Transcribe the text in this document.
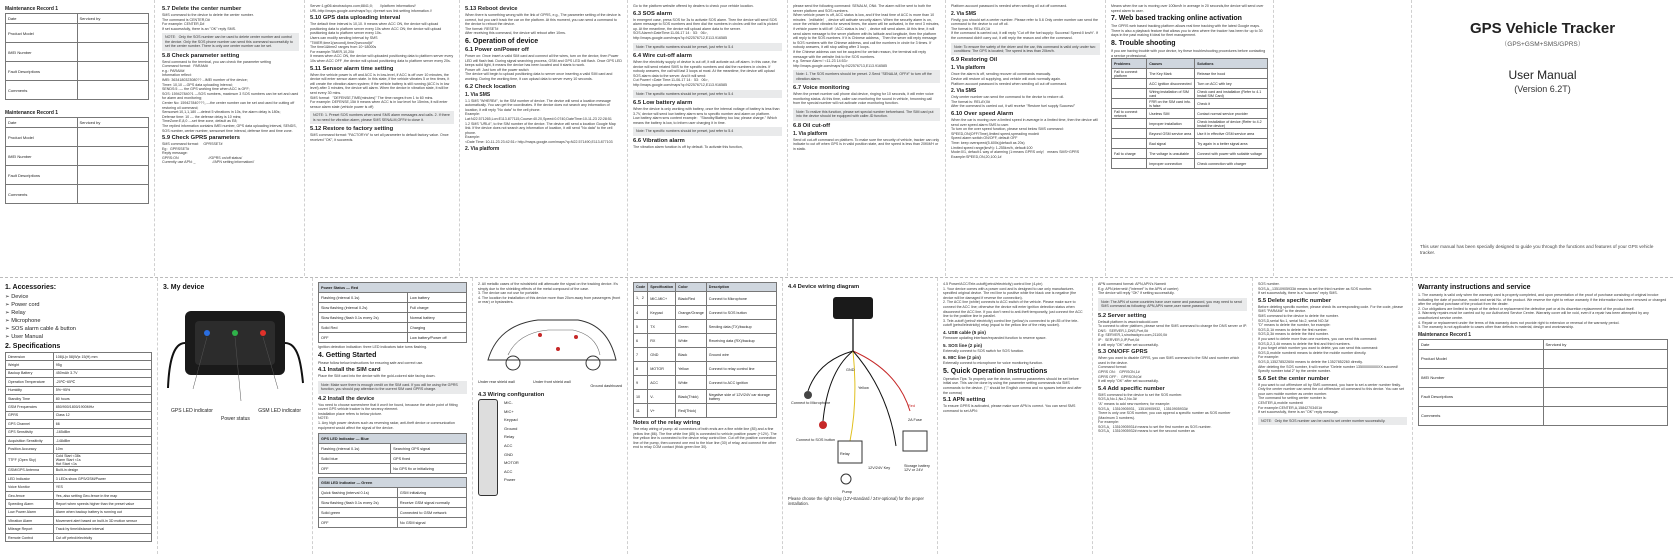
Maintenance Record 1
Date	Serviced by
Product Model	
IMEI Number	
Fault Descriptions	
Comments	
Maintenance Record 1
Date	Serviced by
Product Model	
IMEI Number	
Fault Descriptions	
Comments	
5.7 Delete the center number
SMS command to the device to delete the center number.
The command is CENTER,D#
For example: CENTER,D#
If set successfully, there is an "OK" reply SMS.
NOTE：Only the SOS number can be used to delete center number and control the device. Only the SOS phone number can send this command successfully to set the center number. There is only one center number can be set.
5.8 Check parameter setting
Send command to the terminal, you can check the parameter setting
Command format：PARAM#
e.g.: PARAM#
Information reflect：
IMEI: 3634180323080?? --IMEI number of the device;
Timer: 10,10 ---GPS data uploading Interval;
SENDS:5 ---- the GPS working time when ACC is OFF;
SOS: 159427840?1 ---SOS numbers, maximum 3 SOS numbers can be set and used for alarm and monitoring;
Center No: 159427840???,,---the center number can be set and used for cutting off restoring oil command;
Sensorset:10,1,1,180 ---detect 5 vibrations in 10s, the alarm delay is 180s;
Defense time: 10 --- the defense delay is 10 mins;
TimeZone:E,8,0 ---set time zone, default as E8;
The replied information contains IMEI number, GPS data uploading interval, SENDS, SOS number, center number, sensorset time interval, defense time and time zone.
5.9 Check GPRS parameters
SMS command format：  GPRSSET#
Eg：GPRSSET#
Reply message：
GPRS:ON                              //GPRS on/off status/
Currently use APN: _                 //APN setting information//
Server:1;gt06.sinotrackpro.com;8841;0;       //platform information//
URL:http://maps.google.com/maps?q=; //preset sos link setting information //
5.10 GPS data uploading interval
The default time interval is 10,10. It means when ACC ON, the device will upload positioning data to platform server every 10s when ACC ON; the device will upload positioning data to platform server every 10s.
Users can modify sending interval by SMS
"TIMER,time1(second),time2(second)#"
The time1&time2 ranges from 10~18000s
For example:TIMER,10,20#
It means when ACC ON, the device will uploaded positioning data to platform server every 10s when ACC OFF ,the device will upload positioning data to platform server every 20s.
5.11 Sensor alarm time setting
When the vehicle power is off and ACC is in low-level, if ACC is off over 10 minutes, the device will enter sensor alarm state. In this state, if the vehicle vibrates 5 or few times, it will create the vibration alarm system; if the vehicle battery is still running (ACC is in low level) after 3 minutes, the device will alarm. When the device in vibration state, it will be sent every 30 mins.
SMS format："DEFENSE,TIME(minutes)" The time ranges from 1 to 60 mins.
For example: DEFENSE,15# It means when ACC is in low level for 15mins, it will enter sensor alarm state (vehicle power is off)
NOTE: 1. Preset SOS numbers when send SMS alarm messages and calls. 2. If there is no need for vibration alarm, please SMS SENALM,OFF# to close it.
5.12 Restore to factory setting
SMS command format: "FACTORY#" to set all parameter to default factory value. Once received "OK", it succeeds.
5.13 Reboot device
When there is something wrong with the link of GPRS, e.g., The parameter setting of the device is correct, but you can't track the car on the platform. At this moment, you can send a command to the device to reboot the device.
The format: RESET#
After receiving this command, the device will reboot after 10ms.
6. Operation of device
6.1 Power on/Power off
Power on: Once insert a valid SIM card and connect all the wires, turn on the device, then Power LED will flash fast. During signal searching process, GSM and GPS LED will flash. Once GPS LED keeps solid light, it means the device has been located and it starts to work.
Power off: Just turn off the power switch
The device will begin to upload positioning data to server once inserting a valid SIM card and working. During the working time, it can upload data to server every 10 seconds.
6.2 Check location
1. Via SMS
1.1 SMS "WHERE#", to the SIM number of device. The device will send a location message automatically. You can get the coordinates. If the device does not search any information of location, it will reply "No data" to the cell phone.
Example:
Lat:N22.571265,Lon:E113.877115,Course:40.20,Speed:0.0740,DateTime:10-11-23 22:28:51
1.2 SMS "URL#", to the SIM number of the device. The device will send a location Google Map link. If the device does not search any information of location, it will send "No data" to the cell phone.
Example:
<Date Time: 10-11-23 23:42:51> http://maps.google.com/maps?q=N22.571490,E113.877103
2. Via platform
Go to the platform website offered by dealers to check your vehicle location.
6.3 SOS alarm
In emergent case, press SOS for 3s to activate SOS alarm. Then the device will send SOS alarm message to SOS numbers and then dial the numbers in circles until the call is picked up. At the meantime, the device will upload alarm data to the server.
SOS Alarm!<DateTime:11-06-17 14：53：06>,
http://maps.google.com/maps?q=N22576712,E113.916585
Note: The specific numbers should be preset, just refer to 5.4
6.4 Wire cut-off alarm
When the electricity supply of device is cut off, it will activate cut-off alarm. In this case, the device will send related SMS to the specific numbers and dial the numbers in circles. If nobody answers, the call will last 3 loops at most. At the meantime, the device will upload SOS alarm data to the server. And it will send:
Cut Power! <Date Time:11-06-17 14：53：06>,
http://maps.google.com/maps?q=N22576712,E113.916585
Note: The specific numbers should be preset, just refer to 5.4
6.5 Low battery alarm
When the device is only working with battery, once the internal voltage of battery is less than 3.7V, device will send low battery alarm sms to specific number and alarm on platform.
Low battery alarm sms content example："Standby!Battery too low, please charge." Which means the battery is low, to inform user charging it in time.
Note: The specific numbers should be preset, just refer to 5.4
6.6 Vibration alarm
The vibration alarm function is off by default. To activate this function,
please send the following command: SENALM, ON#. The alarm will be sent to both the server platform and SOS numbers.
When vehicle power is off, ACC status is low, and if the lead time of ACC is more than 10 minutes （editable）, device will activate security alarm. When the security alarm is on, once the vehicle vibrates for several times, the alarm will be activated, in the next 3 minutes, if vehicle power is still off（ACC status is low）, device will send alarm. At this time, it will send alarm message to the sever platform with its latitude and longitude, then the platform will reply to the SOS numbers. If it is Chinese address，Then the sever will reply message to SOS numbers with the Chinese address, and call the numbers in circle for 3 times. If nobody answers, it will stop calling after 3 loops.
If the Chinese address can not be acquired for certain reason, the terminal will reply message with the website link to the SOS numbers.
e.g. Sensor Alarm ! <11-23 14:53>
http://maps.google.com/maps?q=N22576713,E113.916585
Note: 1. The SOS numbers should be preset. 2.Send "SENALM, OFF#" to turn off the vibration alarm.
6.7 Voice monitoring
When the preset number call phone dial device, ringing for 10 seconds, it will enter voice monitoring status. At this time, caller can monitoring the sound in vehicle, hmonning call from the special number will not activate voice monitoring function.
Note: To realize this function, please set special number beforehand. The SIM card put into the device should be equipped with caller-ID function.
6.8 Oil cut-off
1. Via platform
Send oil cut-off command on platform. To make sure the security of vehicle, tracker can only indicate to cut off when GPS is in valid position state, and the speed is less than 20KM/H or in static.
Platform account password is needed when sending oil cut off command.
2. Via SMS
Firstly, you should set a center number. Please refer to 5.6 Only center number can send the command to the device to cut off oil.
The format is: RELAY,1#
If the command is carried out, it will reply "Cut off the fuel supply: Success! Speed:0 km/h". If the command didn't carry out, it will reply the reason and offer the command.
Note: To ensure the safety of the driver and the car, this command is valid only under two conditions: The GPS is located; The speed is less than 20km/h.
6.9 Restoring Oil
1. Via platform
Once the alarm is off, sending recover oil commands manually.
Device will restore oil supplying, and vehicle will work normally again.
Platform account password is needed when sending oil cut off command.
2. Via SMS
Only center number can send the command to the device to restore oil.
The format is: RELAY,0#
After the command is carried out, it will receive "Restore fuel supply Success!"
6.10 Over speed Alarm
When the car is moving over a limited speed in average in a limited time, then the device will send over speed alarm SMS to user.
To turn on the over speed function, please send below SMS command: SPEED,ON(OFF/Time),limited speed,spreading mode#
Speed alarm switch:ON/OFF, default OFF
Time: keep overspeed(5-600s)(default as 20s)
Limited speed range(km/h): 1-255km/h, default:100
Mode:0/1, default:1 way of alarming (1:means GPRS only） means SMS+GPRS
Example:SPEED,ON,20,100,1#
Means when the car is moving over 100km/h in average in 20 seconds,the device will send over speed alarm to user.
7. Web based tracking online activation
The GPRS web based tracking platform allows real time tracking with the latest Google maps. There is also a playback feature that allows you to view where the tracker has been for up to 30 days in the past making it ideal for fleet management.
8. Trouble shooting
If you are having trouble with your device, try these troubleshooting procedures before contacting a service professional.
Problems	Causes	Solutions
Fail to connect platform	The Key Mark	Release the hood
	ACC ignition disconnected	Turn on ACC with key
	Wiring installation of SIM card	Check card and installation (Refer to 4.1 Install SIM Card)
	FRR on the SIM card info. is false	Check it
Fail to connect network	Useless SIM	Contact normal service provider
	Improper installation	Check installation of device (Refer to 4.2 Install the device)
	Beyond GSM service area	Use it in effective GSM service area
	Bad signal	Try again in a better signal area
Fail to charge	The voltage is unsuitable	Connect with power with suitable voltage
	Improper connection	Check connection with charger
GPS Vehicle Tracker
（GPS+GSM+SMS/GPRS）
User Manual
(Version 6.2T)
This user manual has been specially designed to guide you through the functions and features of your GPS vehicle tracker.
1. Accessories:
➢ Device
➢ Power cord
➢ Relay
➢ Microphone
➢ SOS alarm cable & button
➢ User Manual
2. Specifications
Dimension	108(L)x 58(W)x 15(H) mm
Weight	95g
Backup Battery	450mAh 3.7V
Operation Temperature	-20℃~65℃
Humidity	5%~95%
Standby Time	80 hours
GSM Frequencies	850/900/1800/1900MHz
GPRS	Class 12
GPS Channel	66
GPS Sensitivity	-165dBm
Acquisition Sensitivity	-148dBm
Position Accuracy	10m
TTFF (Open Sky)	Cold Start <38s
Warm Start <1s
Hot Start <1s
GSM/GPS Antenna	Built-in design
LED Indicator	3 LEDs show GPS/GSM/Power
Voice Monitor	YES
Geo-fence	Yes, also setting Geo-fence in the map
Speeding Alarm	Report when speeds higher than the preset value
Low Power Alarm	Alarm when backup battery is running out
Vibration Alarm	Movement alert based on built-in 3D motion sensor
Mileage Report	Track by time/distance interval
Remote Control	Cut off petrol/electricity
3. My device
GPS LED indicator	GSM LED indicator
Power status
Power Status — Red	
Flashing (interval 0.1s)	Low battery
Slow flashing (interval 0.2s)	Full charge
Slow flashing (flash 0.1s every 2s)	Normal battery
Solid Red	Charging
OFF	Low battery/Power off
Ignition detection indication: three LED indicators take turns flashing.
4. Getting Started
Please follow below instructions for ensuring safe and correct use.
4.1 Install the SIM card
Place the SIM card into the device with the gold-colored side facing down.
Note: Make sure there is enough credit on the SIM card. If you will be using the GPRS function, you should pay attention to the current SIM card GPRS charge.
4.2 Install the device
You need to choose somewhere that it won't be found, because the whole point of fitting covert GPS vehicle tracker is the secrecy element.
Installation place refers to below picture.
NOTE:
1. Any high power devices such as reversing radar, anti-theft device or communication equipment would affect the signal of the device.
GPS LED Indicator — Blue	
Flashing (interval 0.1s)	Searching GPS signal
Solid blue	GPS fixed
OFF	No GPS fix or initializing
GSM LED Indicator — Green	
Quick flashing (interval 0.1s)	GSM initializing
Slow flashing (flash 0.1s every 2s)	Receive GSM signal normally
Solid green	Connected to GSM network
OFF	No GSM signal
2. All metallic cases of the windshield will attenuate the signal on the tracking device. It's simply due to the shielding effects of the metal compound of the case.
3. The device can not use for portable.
4. The location for installation of this device more than 20cm away from passengers (front or rear) or bystanders.
Under rear shield wall	Under front shield wall
Ground dashboard
4.3 Wiring configuration
MIC-
MIC+
Keypad
Ground
Relay
ACC
GND
MOTOR
ACC
Power
Code	Specification	Color	Description
1、2	MIC-MIC+	Black/Red	Connect to Microphone
4	Keypad	Orange/Orange	Connect to SOS button
5	TX	Green	Sending data (TX)/backup
6	RX	White	Receiving data (RX)/backup
7	GND	Black	Ground wire
8	MOTOR	Yellow	Connect to relay control line
9	ACC	White	Connect to ACC ignition
10	V-	Black(Thick)	Negative side of 12V/24V car storage battery
11	V+	Red(Thick)	
Notes of the relay wiring
The relay wiring of pump: all connectors of both ends are a fine white line (85) and a fine yellow line (86). The fine white line (85) is connected to vehicle positive power (+12V). The fine yellow line is connected to the device relay control line. Cut off the positive connection line of the pump, then connect one end to the blue line (30) of relay, and connect the other end to relay COM contact (thick green line 30).
4.4 Device wiring diagram
Connect to Microphone
Connect to SOS button
GND
Relay
Pump
12V/24V Key
2A Fuse
Storage battery 12V or 24V
Red
Yellow
Please choose the right relay (12V-standard / 24V-optional) for the proper installation.
4.5 Power/ACC/Tele-cutoff(petrol/electricity) control line (4-pin)
1. Your device comes with a power cord and is designed to use only manufacturer-specified original device. The red line to positive while the black one is negative (the device will be damaged if reverse the connection).
2. The ACC line (white) connects to ACC switch of the vehicle. Please make sure to connect the ACC line; otherwise the device will enter ignition detection status when disconnect the ACC line. If you don't need to anti-theft temporarily, just connect the ACC line to the positive line in parallel.
3. Tele-cutoff (petrol/ electricity) control line (yellow) is connected to pin 85 of the tele-cutoff (petrol/electricity) relay (equal to the yellow line of the relay socket).
4. USB cable (5 pin)
Firmware updating interface/expanded function to reserve space.
5. SOS line (2 pin)
Externally connect to SOS switch for SOS function.
6. MIC line (2 pin)
Externally connect to microphone for voice monitoring function.
5. Quick Operation Instructions
Operation Tips: To properly use the device, common parameters should be set before initial use. This can be done by using the parameter setting commands via SMS commands to the device. ("," should be English comma and no spaces before and after the comma)
5.1 APN setting
To ensure GPRS is activated, please make sure APN is correct. You can send SMS command to set APN:
APN command format: APN,APN's Name#
E.g: APN,internet# ("internet" is the APN of carrier)
The device will reply "OK" if setting successfully.
Note: The APN of some countries have user name and password, you may need to send SMS command as following: APN,APN name,user name,password#
5.2 Server setting
Default platform is www.trackodd.com
To connect to other platform, please send the SMS command to change the DNS server or IP.
DNS：SERVER,1,DNS,Port,0#
E.g: SERVER,1,sinotrackpro.com,21100,0#
IP：SERVER,0,IP,Port,0#
It will reply "OK" after set successfully.
5.3 ON/OFF GPRS
When you want to disable GPRS, you can SMS command to the SIM card number which used in the device.
Command format:
GPRS ON： GPRSON,1#
GPRS OFF： GPRSON,0#
It will reply "OK" after set successfully.
5.4 Add specific number
SMS command to the device to set the SOS number.
SOS,A,No.1,No.2,No.3#
"A" means to add new numbers; for example:
SOS,A，13510905931，13510905932，13510905933#
There is only one SOS number, you can append a specific number as SOS number (Maximum 3 numbers).
For example:
SOS,A，13510905931# means to set the first number as SOS number.
SOS,A，13510905932# means to set the second number as
SOS number.
SOS,A,,,13510905933# means to set the third number as SOS number.
If set successfully, there is a "success" reply SMS.
5.5 Delete specific number
Before deleting specific number, please check its corresponding code. For the code, please SMS "PARAM#" to the device.
SMS command to the device to delete the number.
SOS,D,serial No.1, serial No.2, serial NO.3#
"D" means to delete the number, for example:
SOS,D,1# means to delete the first number.
SOS,D,3# means to delete the third number.
If you want to delete more than one numbers, you can send this command:
SOS,D,2,3,4# means to delete the first and third numbers.
If you forget which number you want to delete, you can send this command:
SOS,D,mobile number# means to delete the mobile number directly.
For example:
SOS,D,13527852260# means to delete the 13527852260 directly.
After deleting the SOS number, it will receive "Delete number 13500000000XX succeed! Specify number total 2" by the centre number.
5.6 Set the center number
If you want to cut off/restore oil by SMS command, you have to set a center number firstly. Only the center number can send the cut off/restore oil command to this device. You can set your own mobile number as center number.
The command for setting center number is:
CENTER,A,mobile number#
For example:CENTER,A,15842703401#
If set successfully, there is an "OK" reply message.
NOTE：Only the SOS number can be used to set center number successfully.
Warranty instructions and service
1. The warranty is valid only when the warranty card is properly completed, and upon presentation of the proof of purchase consisting of original invoice indicating the date of purchase, model and serial No. of the product. We reserve the right to refuse warranty if the information has been removed or changed after the original purchase of the product from the dealer.
2. Our obligations are limited to repair of the defect or replacement the defective part or at its discretion replacement of the product itself.
3. Warranty repairs must be carried out by our Authorized Service Centre. Warranty cover will be void, even if a repair has been attempted by any unauthorized service centre.
4. Repair or replacement under the terms of this warranty does not provide right to extension or renewal of the warranty period.
5. The warranty is not applicable to cases other than defects in material, design and workmanship.
Maintenance Record 1
Date	Serviced by
Product Model	
IMEI Number	
Fault Descriptions	
Comments	
